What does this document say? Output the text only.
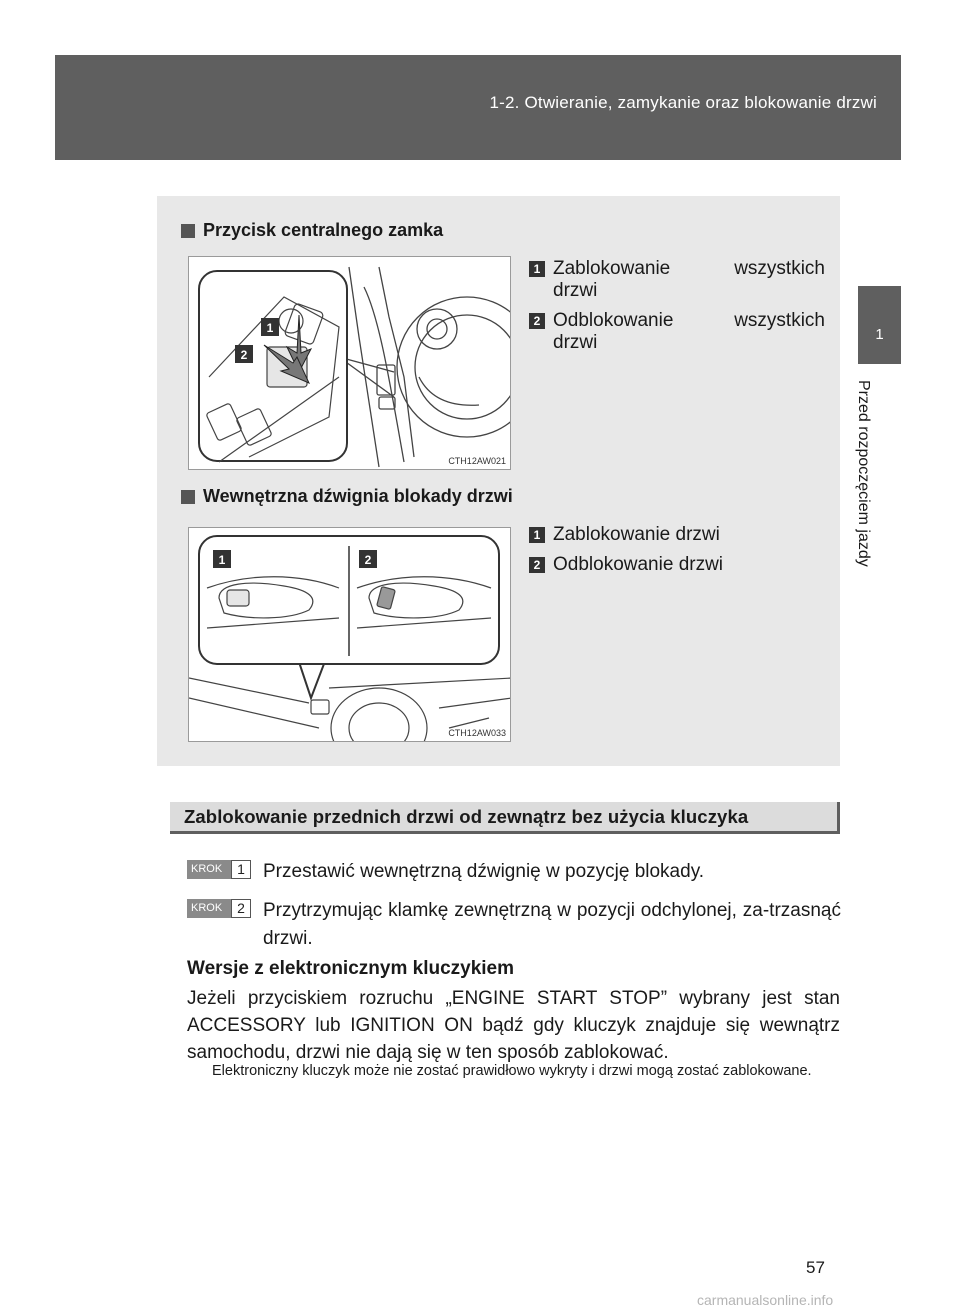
1-2. Otwieranie, zamykanie oraz blokowanie drzwi
1
Przed rozpoczęciem jazdy
Przycisk centralnego zamka
1
2
CTH12AW021
1 Zablokowanie wszystkich
drzwi
2 Odblokowanie wszystkich
drzwi
Wewnętrzna dźwignia blokady drzwi
1	2
CTH12AW033
1 Zablokowanie drzwi
2 Odblokowanie drzwi
Zablokowanie przednich drzwi od zewnątrz bez użycia kluczyka
KROK	1 Przestawić wewnętrzną dźwignię w pozycję blokady.
KROK	2 Przytrzymując klamkę zewnętrzną w pozycji odchylonej, za-trzasnąć drzwi.
Wersje z elektronicznym kluczykiem
Jeżeli przyciskiem rozruchu „ENGINE START STOP” wybrany jest stan ACCESSORY lub IGNITION ON bądź gdy kluczyk znajduje się wewnątrz samochodu, drzwi nie dają się w ten sposób zablokować.
Elektroniczny kluczyk może nie zostać prawidłowo wykryty i drzwi mogą zostać zablokowane.
57
carmanualsonline.info
